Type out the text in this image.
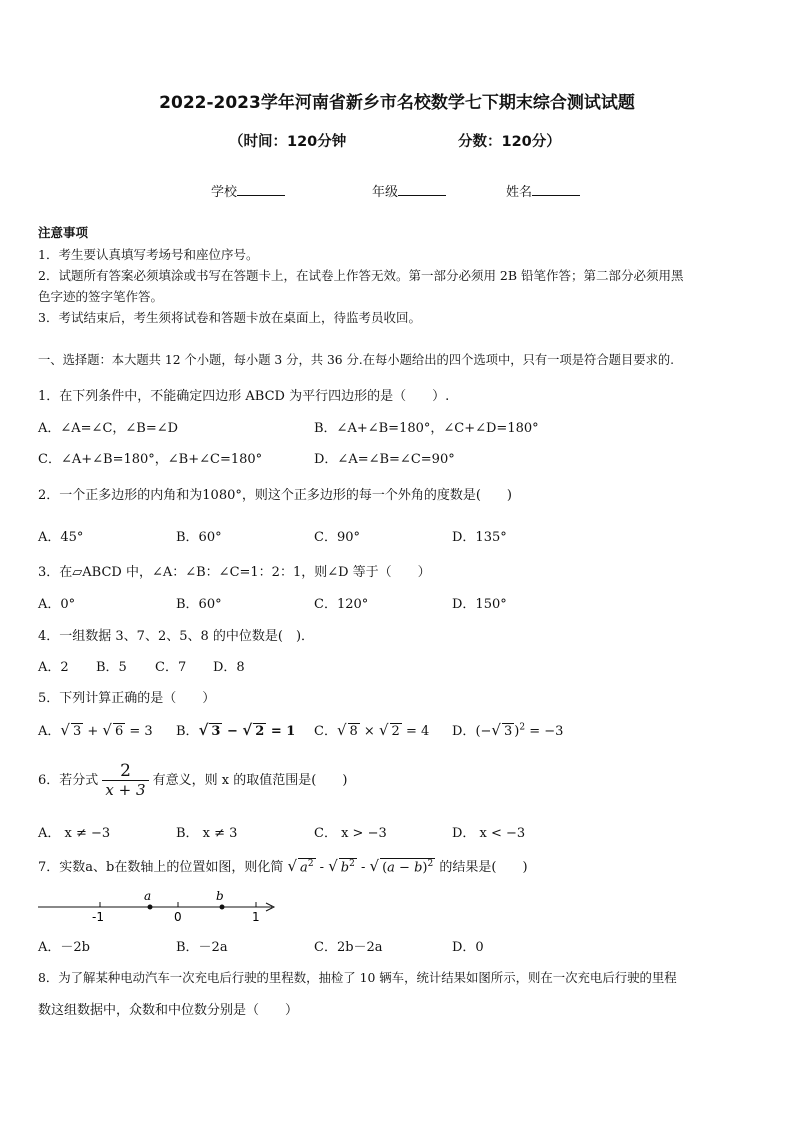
2022-2023学年河南省新乡市名校数学七下期末综合测试试题
（时间：120分钟	分数：120分）
学校	年级	姓名
注意事项
1．考生要认真填写考场号和座位序号。
2．试题所有答案必须填涂或书写在答题卡上，在试卷上作答无效。第一部分必须用 2B 铅笔作答；第二部分必须用黑
色字迹的签字笔作答。
3．考试结束后，考生须将试卷和答题卡放在桌面上，待监考员收回。
一、选择题：本大题共 12 个小题，每小题 3 分，共 36 分.在每小题给出的四个选项中，只有一项是符合题目要求的.
1．在下列条件中，不能确定四边形 ABCD 为平行四边形的是（　　）.
A．∠A=∠C，∠B=∠D	B．∠A+∠B=180°，∠C+∠D=180°
C．∠A+∠B=180°，∠B+∠C=180°	D．∠A=∠B=∠C=90°
2．一个正多边形的内角和为1080°，则这个正多边形的每一个外角的度数是(　　)
A．45°	B．60°	C．90°	D．135°
3．在▱ABCD 中，∠A：∠B：∠C=1：2：1，则∠D 等于（　　）
A．0°	B．60°	C．120°	D．150°
4．一组数据 3、7、2、5、8 的中位数是(　)．
A．2 B．5 C．7 D．8
5．下列计算正确的是（　　）
A．√ 3 + √ 6 = 3 B．√ 3 − √ 2 = 1 C．√ 8 × √ 2 = 4 D．(−√ 3 )$^2$ = −3
6．若分式 $\frac{2}{x + 3}$ 有意义，则 x 的取值范围是(　　)
A． x ≠ −3	B． x ≠ 3	C． x > −3	D． x < −3
7．实数a、b在数轴上的位置如图，则化简 √ $a^2$ - √ $b^2$ - √ $(a - b)^2$ 的结果是(　　)
a	b
-1	0	1
A．－2b	B．－2a	C．2b－2a	D．0
8．为了解某种电动汽车一次充电后行驶的里程数，抽检了 10 辆车，统计结果如图所示，则在一次充电后行驶的里程
数这组数据中，众数和中位数分别是（　　）
